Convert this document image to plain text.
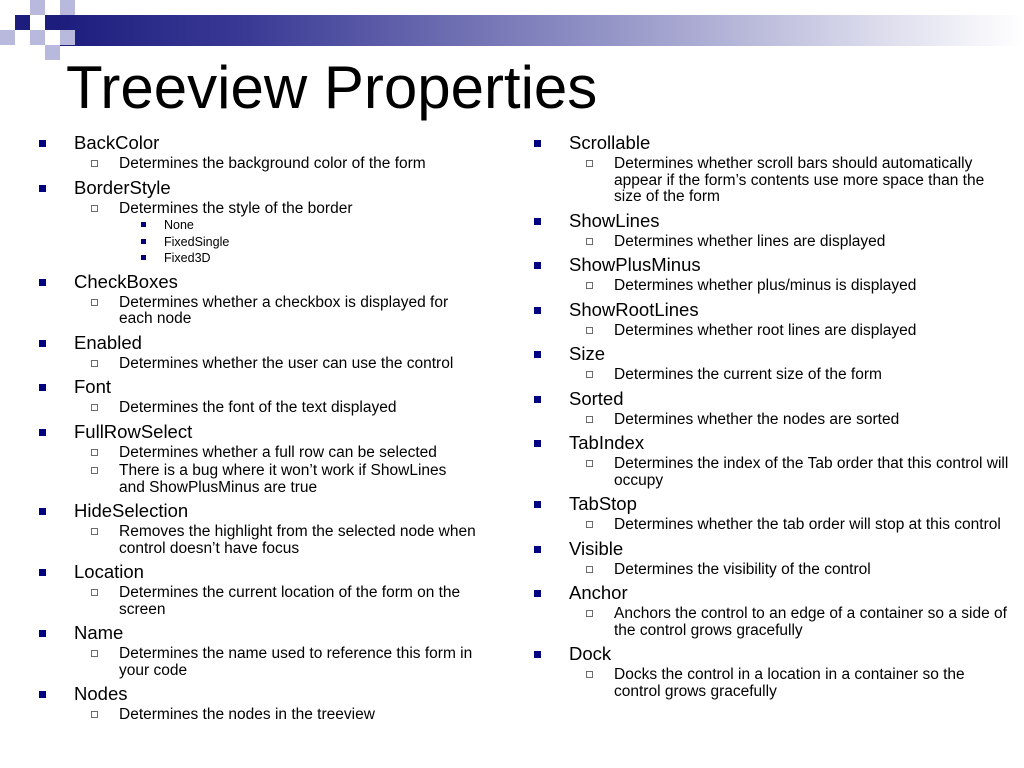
Treeview Properties
BackColor
Determines the background color of the form
BorderStyle
Determines the style of the border
None
FixedSingle
Fixed3D
CheckBoxes
Determines whether a checkbox is displayed for each node
Enabled
Determines whether the user can use the control
Font
Determines the font of the text displayed
FullRowSelect
Determines whether a full row can be selected
There is a bug where it won’t work if ShowLines and ShowPlusMinus are true
HideSelection
Removes the highlight from the selected node when control doesn’t have focus
Location
Determines the current location of the form on the screen
Name
Determines the name used to reference this form in your code
Nodes
Determines the nodes in the treeview
Scrollable
Determines whether scroll bars should automatically appear if the form’s contents use more space than the size of the form
ShowLines
Determines whether lines are displayed
ShowPlusMinus
Determines whether plus/minus is displayed
ShowRootLines
Determines whether root lines are displayed
Size
Determines the current size of the form
Sorted
Determines whether the nodes are sorted
TabIndex
Determines the index of the Tab order that this control will occupy
TabStop
Determines whether the tab order will stop at this control
Visible
Determines the visibility of the control
Anchor
Anchors the control to an edge of a container so a side of the control grows gracefully
Dock
Docks the control in a location in a container so the control grows gracefully
